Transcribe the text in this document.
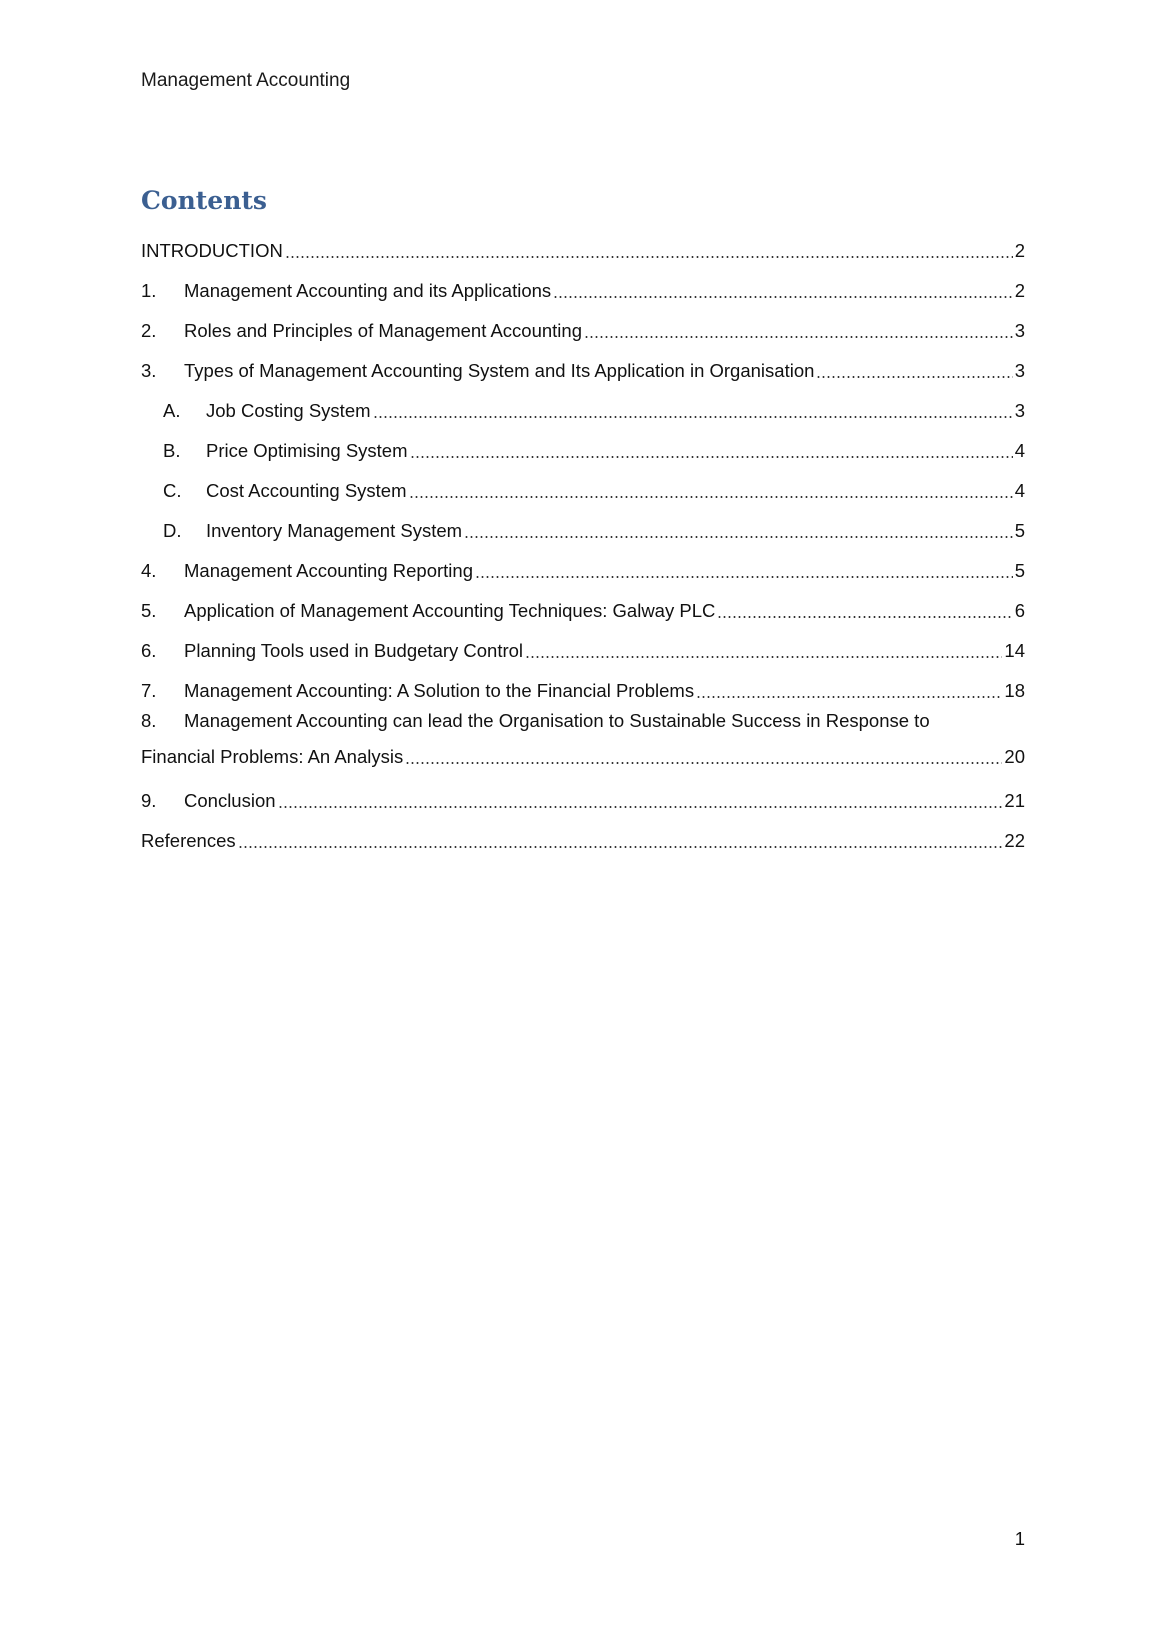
Management Accounting
Contents
INTRODUCTION	2
1.	Management Accounting and its Applications	2
2.	Roles and Principles of Management Accounting	3
3.	Types of Management Accounting System and Its Application in Organisation	3
A.	Job Costing System	3
B.	Price Optimising System	4
C.	Cost Accounting System	4
D.	Inventory Management System	5
4.	Management Accounting Reporting	5
5.	Application of Management Accounting Techniques: Galway PLC	6
6.	Planning Tools used in Budgetary Control	14
7.	Management Accounting: A Solution to the Financial Problems	18
8.	Management Accounting can lead the Organisation to Sustainable Success in Response to
Financial Problems: An Analysis	20
9.	Conclusion	21
References	22
1
